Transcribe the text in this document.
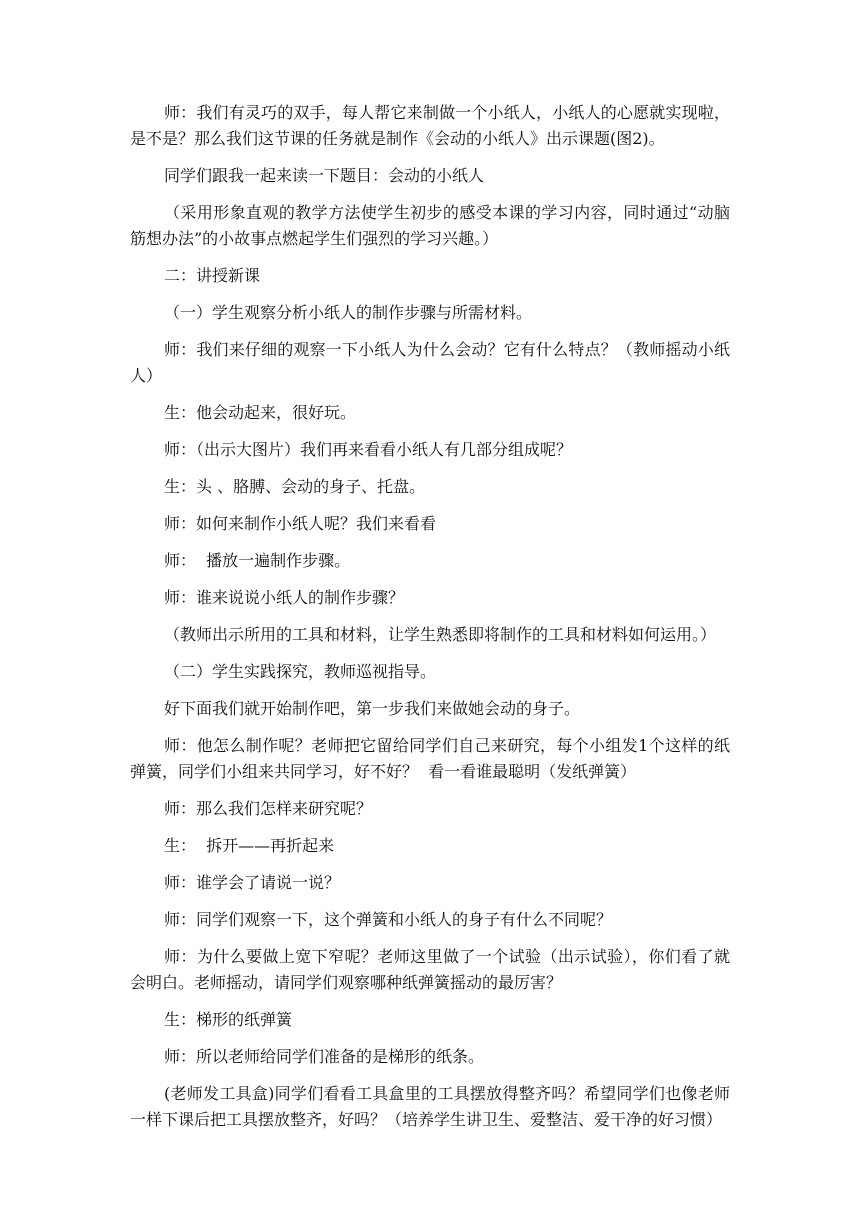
师：我们有灵巧的双手，每人帮它来制做一个小纸人，小纸人的心愿就实现啦，是不是？那么我们这节课的任务就是制作《会动的小纸人》出示课题(图2)。

同学们跟我一起来读一下题目：会动的小纸人

（采用形象直观的教学方法使学生初步的感受本课的学习内容，同时通过“动脑筋想办法”的小故事点燃起学生们强烈的学习兴趣。）

二：讲授新课

（一）学生观察分析小纸人的制作步骤与所需材料。

师：我们来仔细的观察一下小纸人为什么会动？它有什么特点？（教师摇动小纸人）

生：他会动起来，很好玩。

师：（出示大图片）我们再来看看小纸人有几部分组成呢？

生：头 、胳膊、会动的身子、托盘。

师：如何来制作小纸人呢？我们来看看

师：  播放一遍制作步骤。

师：谁来说说小纸人的制作步骤？

（教师出示所用的工具和材料，让学生熟悉即将制作的工具和材料如何运用。）

（二）学生实践探究，教师巡视指导。

好下面我们就开始制作吧，第一步我们来做她会动的身子。

师：他怎么制作呢？老师把它留给同学们自己来研究，每个小组发1个这样的纸弹簧，同学们小组来共同学习，好不好？  看一看谁最聪明（发纸弹簧）

师：那么我们怎样来研究呢？

生：  拆开——再折起来

师：谁学会了请说一说？

师：同学们观察一下，这个弹簧和小纸人的身子有什么不同呢？

师：为什么要做上宽下窄呢？老师这里做了一个试验（出示试验），你们看了就会明白。老师摇动，请同学们观察哪种纸弹簧摇动的最厉害？

生：梯形的纸弹簧

师：所以老师给同学们准备的是梯形的纸条。

(老师发工具盒)同学们看看工具盒里的工具摆放得整齐吗？希望同学们也像老师一样下课后把工具摆放整齐，好吗？（培养学生讲卫生、爱整洁、爱干净的好习惯）
